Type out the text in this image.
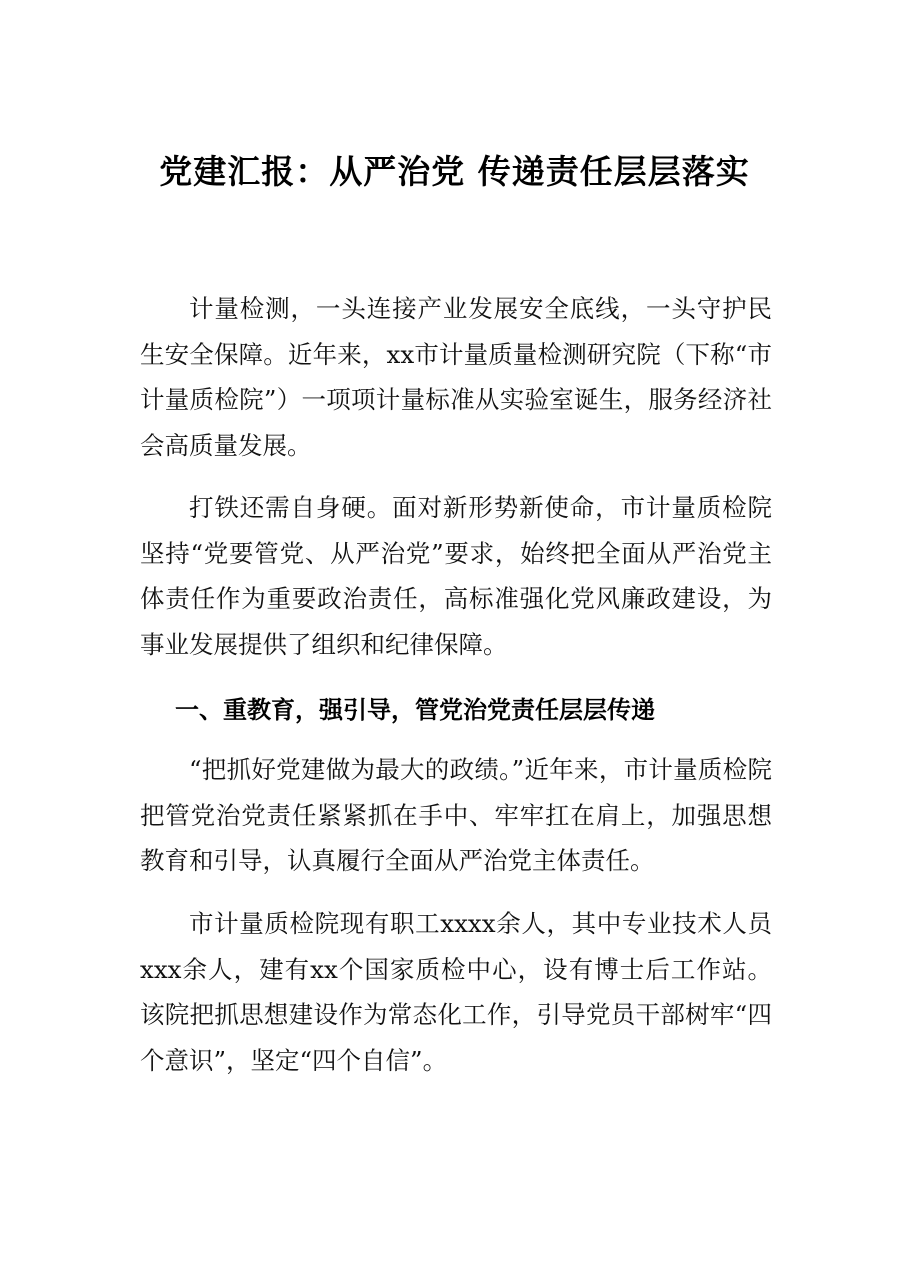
党建汇报：从严治党 传递责任层层落实

计量检测，一头连接产业发展安全底线，一头守护民生安全保障。近年来，xx市计量质量检测研究院（下称“市计量质检院”）一项项计量标准从实验室诞生，服务经济社会高质量发展。

打铁还需自身硬。面对新形势新使命，市计量质检院坚持“党要管党、从严治党”要求，始终把全面从严治党主体责任作为重要政治责任，高标准强化党风廉政建设，为事业发展提供了组织和纪律保障。

一、重教育，强引导，管党治党责任层层传递

“把抓好党建做为最大的政绩。”近年来，市计量质检院把管党治党责任紧紧抓在手中、牢牢扛在肩上，加强思想教育和引导，认真履行全面从严治党主体责任。

市计量质检院现有职工xxxx余人，其中专业技术人员xxx余人，建有xx个国家质检中心，设有博士后工作站。该院把抓思想建设作为常态化工作，引导党员干部树牢“四个意识”，坚定“四个自信”。
